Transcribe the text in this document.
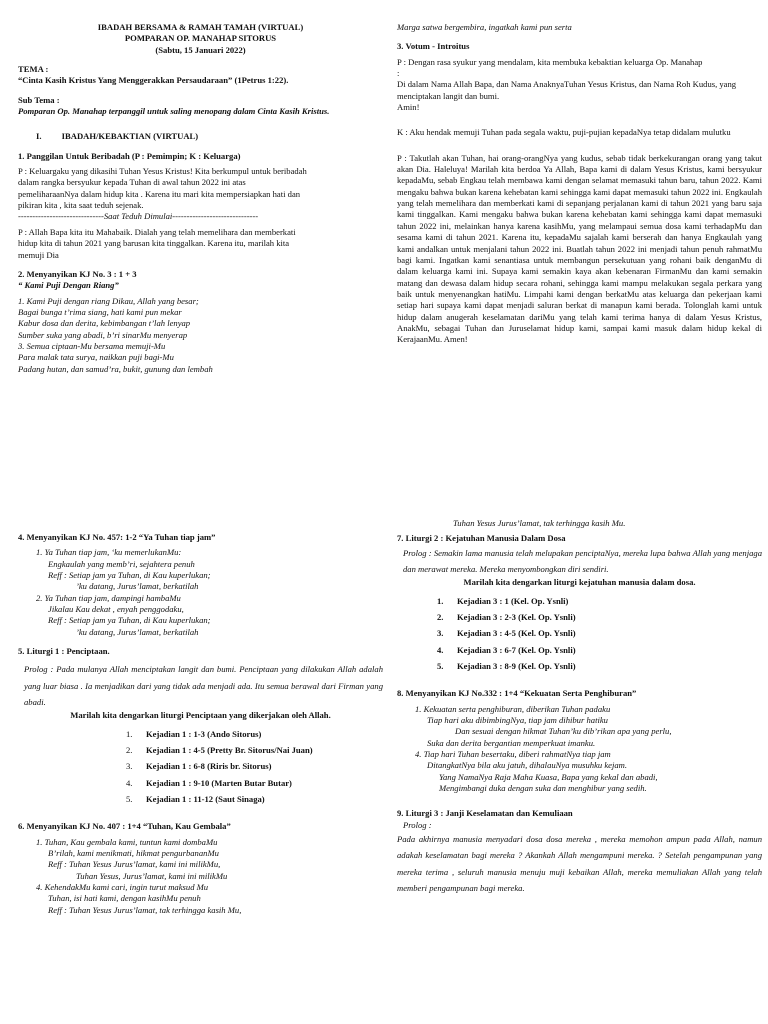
IBADAH BERSAMA & RAMAH TAMAH (VIRTUAL)

POMPARAN OP. MANAHAP SITORUS

(Sabtu, 15 Januari 2022)

TEMA :

“Cinta Kasih Kristus Yang Menggerakkan Persaudaraan” (1Petrus 1:22).

Sub Tema :

Pomparan Op. Manahap terpanggil untuk saling menopang dalam Cinta Kasih Kristus.

I. IBADAH/KEBAKTIAN (VIRTUAL)

1. Panggilan Untuk Beribadah (P : Pemimpin; K : Keluarga)

P : Keluargaku yang dikasihi Tuhan Yesus Kristus! Kita berkumpul untuk beribadah

dalam rangka bersyukur kepada Tuhan di awal tahun 2022 ini atas

pemeliharaanNya dalam hidup kita . Karena itu mari kita mempersiapkan hati dan

pikiran kita , kita saat teduh sejenak.

------------------------------Saat Teduh Dimulai------------------------------

P : Allah Bapa kita itu Mahabaik. Dialah yang telah memelihara dan memberkati

hidup kita di tahun 2021 yang barusan kita tinggalkan. Karena itu, marilah kita

memuji Dia

2. Menyanyikan KJ No. 3 : 1 + 3

“ Kami Puji Dengan Riang”

1. Kami Puji dengan riang Dikau, Allah yang besar;

Bagai bunga t’rima siang, hati kami pun mekar

Kabur dosa dan derita, kebimbangan t’lah lenyap

Sumber suka yang abadi, b’ri sinarMu menyerap

3. Semua ciptaan-Mu bersama memuji-Mu

Para malak tata surya, naikkan puji bagi-Mu

Padang hutan, dan samud’ra, bukit, gunung dan lembah

Marga satwa bergembira, ingatkah kami pun serta

3. Votum - Introitus

P : Dengan rasa syukur yang mendalam, kita membuka kebaktian keluarga Op. Manahap

:

Di dalam Nama Allah Bapa, dan Nama AnaknyaTuhan Yesus Kristus, dan Nama Roh Kudus, yang menciptakan langit dan bumi.

Amin!

K : Aku hendak memuji Tuhan pada segala waktu, puji-pujian kepadaNya tetap didalam mulutku

P : Takutlah akan Tuhan, hai orang-orangNya yang kudus, sebab tidak berkekurangan orang yang takut akan Dia. Haleluya! Marilah kita berdoa Ya Allah, Bapa kami di dalam Yesus Kristus, kami bersyukur kepadaMu, sebab Engkau telah membawa kami dengan selamat memasuki tahun baru, tahun 2022. Kami mengaku bahwa bukan karena kehebatan kami sehingga kami dapat memasuki tahun 2022 ini. Engkaulah yang telah memelihara dan memberkati kami di sepanjang perjalanan kami di tahun 2021 yang baru saja kami tinggalkan. Kami mengaku bahwa bukan karena kehebatan kami sehingga kami dapat memasuki tahun 2022 ini, melainkan hanya karena kasihMu, yang melampaui semua dosa kami terhadapMu dan sesama kami di tahun 2021. Karena itu, kepadaMu sajalah kami berserah dan hanya Engkaulah yang kami andalkan untuk menjalani tahun 2022 ini. Buatlah tahun 2022 ini menjadi tahun penuh rahmatMu bagi kami. Ingatkan kami senantiasa untuk membangun persekutuan yang rohani baik denganMu di dalam keluarga kami ini. Supaya kami semakin kaya akan kebenaran FirmanMu dan kami semakin matang dan dewasa dalam hidup secara rohani, sehingga kami mampu melakukan segala perkara yang baik untuk menyenangkan hatiMu. Limpahi kami dengan berkatMu atas keluarga dan pekerjaan kami setiap hari supaya kami dapat menjadi saluran berkat di manapun kami berada. Tolonglah kami untuk hidup dalam anugerah keselamatan dariMu yang telah kami terima hanya di dalam Yesus Kristus, AnakMu, sebagai Tuhan dan Juruselamat hidup kami, sampai kami masuk dalam hidup kekal di KerajaanMu. Amen!

4. Menyanyikan KJ No. 457: 1-2 “Ya Tuhan tiap jam”

1. Ya Tuhan tiap jam, ‘ku memerlukanMu:

Engkaulah yang memb’ri, sejahtera penuh

Reff : Setiap jam ya Tuhan, di Kau kuperlukan;

’ku datang, Jurus’lamat, berkatilah

2. Ya Tuhan tiap jam, dampingi hambaMu

Jikalau Kau dekat , enyah penggodaku,

Reff : Setiap jam ya Tuhan, di Kau kuperlukan;

’ku datang, Jurus’lamat, berkatilah

5. Liturgi 1 : Penciptaan.

Prolog : Pada mulanya Allah menciptakan langit dan bumi. Penciptaan yang dilakukan Allah adalah yang luar biasa . Ia menjadikan dari yang tidak ada menjadi ada. Itu semua berawal dari Firman yang abadi.

Marilah kita dengarkan liturgi Penciptaan yang dikerjakan oleh Allah.

1.	Kejadian 1 : 1-3 (Ando Sitorus)
2.	Kejadian 1 : 4-5 (Pretty Br. Sitorus/Nai Juan)
3.	Kejadian 1 : 6-8 (Riris br. Sitorus)
4.	Kejadian 1 : 9-10 (Marten Butar Butar)
5.	Kejadian 1 : 11-12 (Saut Sinaga)

6. Menyanyikan KJ No. 407 : 1+4 “Tuhan, Kau Gembala”

1. Tuhan, Kau gembala kami, tuntun kami dombaMu

B’rilah, kami menikmati, hikmat pengurbananMu

Reff : Tuhan Yesus Jurus’lamat, kami ini milikMu,

Tuhan Yesus, Jurus’lamat, kami ini milikMu

4. KehendakMu kami cari, ingin turut maksud Mu

Tuhan, isi hati kami, dengan kasihMu penuh

Reff : Tuhan Yesus Jurus’lamat, tak terhingga kasih Mu,

Tuhan Yesus Jurus’lamat, tak terhingga kasih Mu.

7. Liturgi 2 : Kejatuhan Manusia Dalam Dosa

Prolog : Semakin lama manusia telah melupakan penciptaNya, mereka lupa bahwa Allah yang menjaga dan merawat mereka. Mereka menyombongkan diri sendiri.

Marilah kita dengarkan liturgi kejatuhan manusia dalam dosa.

1.	Kejadian 3 : 1 (Kel. Op. Ysnli)
2.	Kejadian 3 : 2-3 (Kel. Op. Ysnli)
3.	Kejadian 3 : 4-5 (Kel. Op. Ysnli)
4.	Kejadian 3 : 6-7 (Kel. Op. Ysnli)
5.	Kejadian 3 : 8-9 (Kel. Op. Ysnli)

8. Menyanyikan KJ No.332 : 1+4 “Kekuatan Serta Penghiburan”

1. Kekuatan serta penghiburan, diberikan Tuhan padaku

Tiap hari aku dibimbingNya, tiap jam dihibur hatiku

Dan sesuai dengan hikmat Tuhan’ku dib’rikan apa yang perlu,

Suka dan derita bergantian memperkuat imanku.

4. Tiap hari Tuhan besertaku, diberi rahmatNya tiap jam

DitangkatNya bila aku jatuh, dihalauNya musuhku kejam.

Yang NamaNya Raja Maha Kuasa, Bapa yang kekal dan abadi,

Mengimbangi duka dengan suka dan menghibur yang sedih.

9. Liturgi 3 : Janji Keselamatan dan Kemuliaan

Prolog :

Pada akhirnya manusia menyadari dosa dosa mereka , mereka memohon ampun pada Allah, namun adakah keselamatan bagi mereka ? Akankah Allah mengampuni mereka. ? Setelah pengampunan yang mereka terima , seluruh manusia menuju muji kebaikan Allah, mereka memuliakan Allah yang telah memberi pengampunan bagi mereka.
